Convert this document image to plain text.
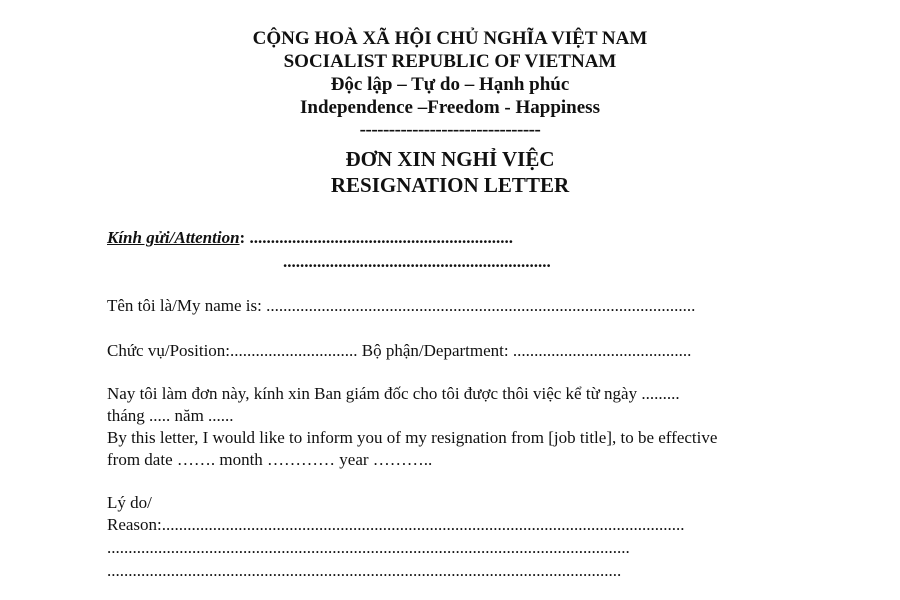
CỘNG HOÀ XÃ HỘI CHỦ NGHĨA VIỆT NAM
SOCIALIST REPUBLIC OF VIETNAM
Độc lập – Tự do – Hạnh phúc
Independence –Freedom - Happiness
-------------------------------
ĐƠN XIN NGHỈ VIỆC
RESIGNATION LETTER
Kính gửi/Attention: ..............................................................
...............................................................
Tên tôi là/My name is: .....................................................................................................
Chức vụ/Position:.............................. Bộ phận/Department: ..........................................
Nay tôi làm đơn này, kính xin Ban giám đốc cho tôi được thôi việc kể từ ngày .........
tháng ..... năm ......
By this letter, I would like to inform you of my resignation from [job title], to be effective
from date ……. month ………… year ………..
Lý do/
Reason:...........................................................................................................................
...........................................................................................................................
.........................................................................................................................
